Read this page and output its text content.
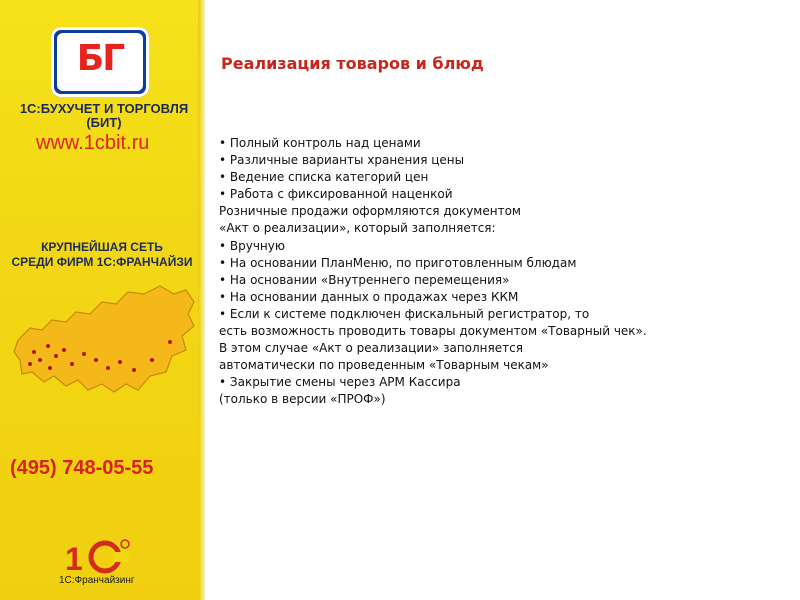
БГ
1С:БУХУЧЕТ И ТОРГОВЛЯ
(БИТ)
www.1cbit.ru
КРУПНЕЙШАЯ СЕТЬ
СРЕДИ ФИРМ 1С:ФРАНЧАЙЗИ
(495) 748-05-55
1
1С:Франчайзинг
Реализация товаров и блюд
• Полный контроль над ценами
• Различные варианты хранения цены
• Ведение списка категорий цен
• Работа с фиксированной наценкой
Розничные продажи оформляются документом
«Акт о реализации», который заполняется:
• Вручную
• На основании ПланМеню, по приготовленным блюдам
• На основании «Внутреннего перемещения»
• На основании данных о продажах через ККМ
• Если к системе подключен фискальный регистратор, то
есть возможность проводить товары документом «Товарный чек».
В этом случае «Акт о реализации» заполняется
автоматически по проведенным «Товарным чекам»
• Закрытие смены через АРМ Кассира
(только в версии «ПРОФ»)
